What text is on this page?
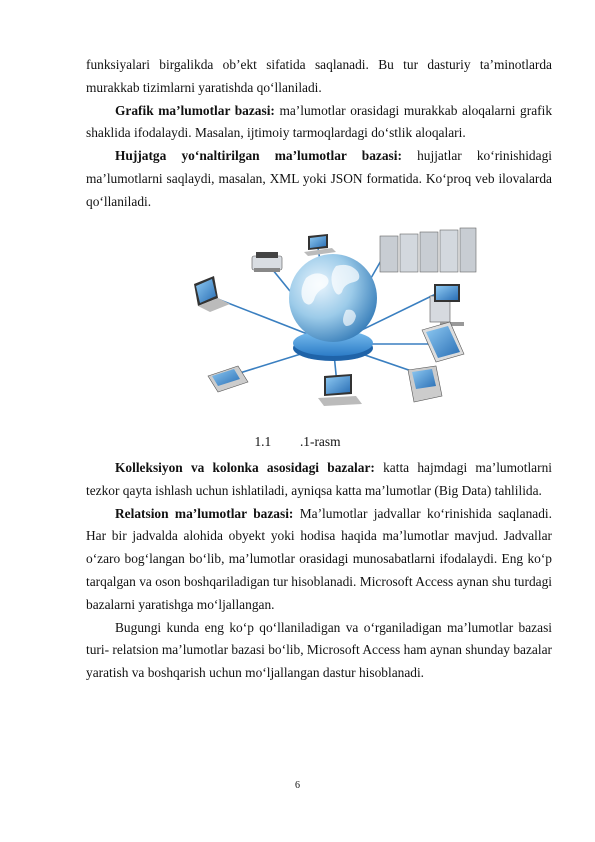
funksiyalari birgalikda ob’ekt sifatida saqlanadi. Bu tur dasturiy ta’minotlarda murakkab tizimlarni yaratishda qo‘llaniladi.

Grafik ma’lumotlar bazasi: ma’lumotlar orasidagi murakkab aloqalarni grafik shaklida ifodalaydi. Masalan, ijtimoiy tarmoqlardagi do‘stlik aloqalari.

Hujjatga yo‘naltirilgan ma’lumotlar bazasi: hujjatlar ko‘rinishidagi ma’lumotlarni saqlaydi, masalan, XML yoki JSON formatida. Ko‘proq veb ilovalarda qo‘llaniladi.

1.1 .1-rasm

Kolleksiyon va kolonka asosidagi bazalar: katta hajmdagi ma’lumotlarni tezkor qayta ishlash uchun ishlatiladi, ayniqsa katta ma’lumotlar (Big Data) tahlilida.

Relatsion ma’lumotlar bazasi: Ma’lumotlar jadvallar ko‘rinishida saqlanadi. Har bir jadvalda alohida obyekt yoki hodisa haqida ma’lumotlar mavjud. Jadvallar o‘zaro bog‘langan bo‘lib, ma’lumotlar orasidagi munosabatlarni ifodalaydi. Eng ko‘p tarqalgan va oson boshqariladigan tur hisoblanadi. Microsoft Access aynan shu turdagi bazalarni yaratishga mo‘ljallangan.

Bugungi kunda eng ko‘p qo‘llaniladigan va o‘rganiladigan ma’lumotlar bazasi turi- relatsion ma’lumotlar bazasi bo‘lib, Microsoft Access ham aynan shunday bazalar yaratish va boshqarish uchun mo‘ljallangan dastur hisoblanadi.

6
